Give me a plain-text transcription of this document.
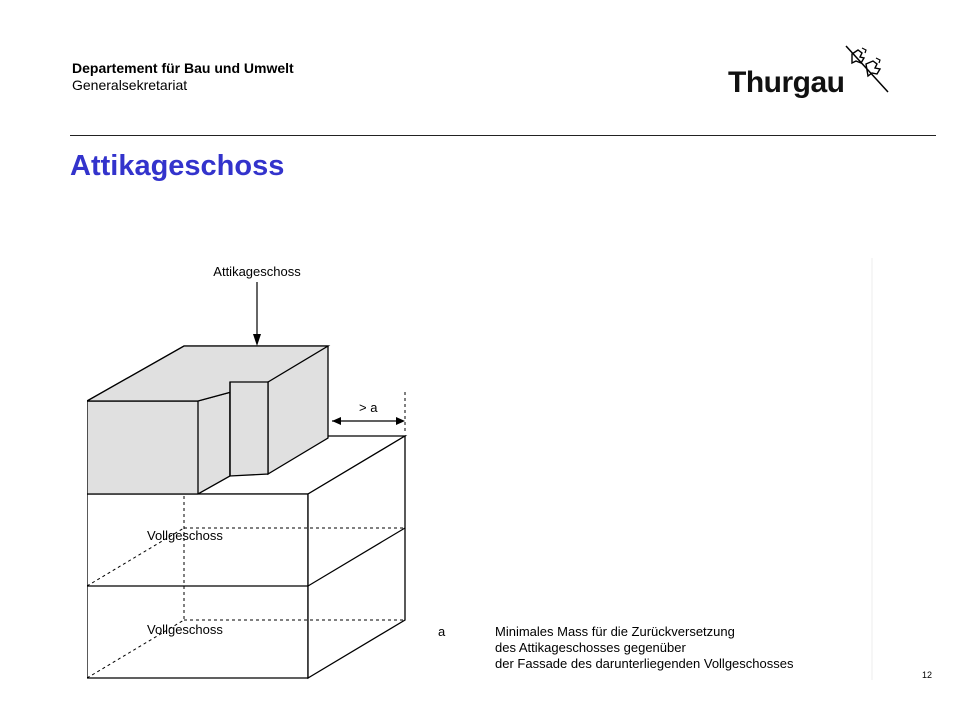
Departement für Bau und Umwelt
Generalsekretariat	Thurgau
Attikageschoss
Attikageschoss
> a
Vollgeschoss
Vollgeschoss	a	Minimales Mass für die Zurückversetzung
des Attikageschosses gegenüber
der Fassade des darunterliegenden Vollgeschosses
12
